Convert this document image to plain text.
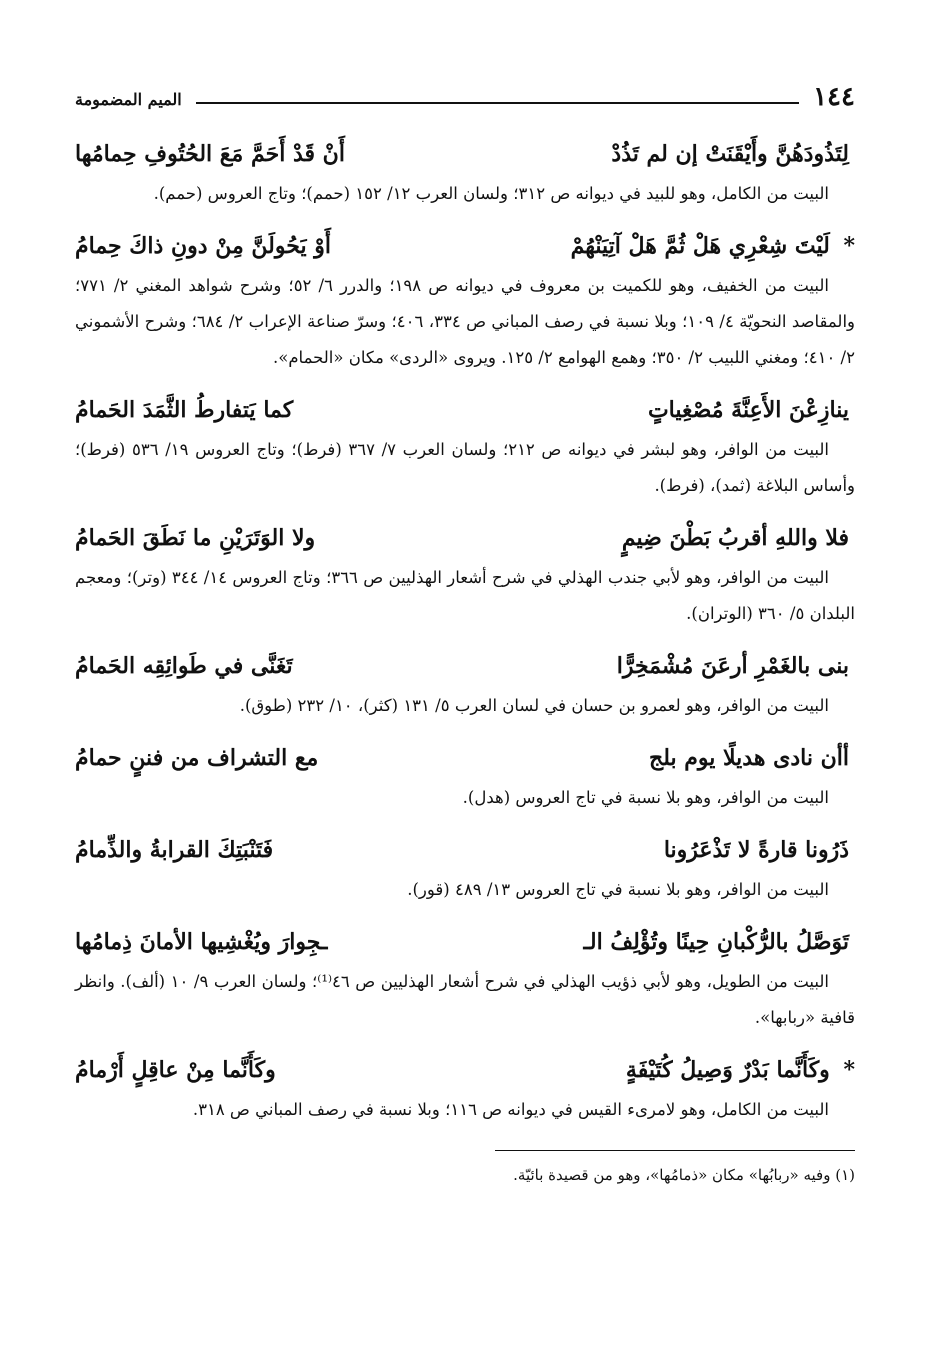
١٤٤
الميم المضمومة
لِتَذُودَهُنَّ وأَيْقَنَتْ إن لم تَذُدْ
أَنْ قَدْ أَحَمَّ مَعَ الحُتُوفِ حِمامُها

البيت من الكامل، وهو للبيد في ديوانه ص ٣١٢؛ ولسان العرب ١٢/ ١٥٢ (حمم)؛ وتاج العروس (حمم).

* لَيْتَ شِعْرِي هَلْ ثُمَّ هَلْ آتِيَنْهُمْ
أَوْ يَحُولَنَّ مِنْ دونِ ذاكَ حِمامُ

البيت من الخفيف، وهو للكميت بن معروف في ديوانه ص ١٩٨؛ والدرر ٦/ ٥٢؛ وشرح شواهد المغني ٢/ ٧٧١؛ والمقاصد النحويّة ٤/ ١٠٩؛ وبلا نسبة في رصف المباني ص ٣٣٤، ٤٠٦؛ وسرّ صناعة الإعراب ٢/ ٦٨٤؛ وشرح الأشموني ٢/ ٤١٠؛ ومغني اللبيب ٢/ ٣٥٠؛ وهمع الهوامع ٢/ ١٢٥. ويروى «الردى» مكان «الحمام».

ينازِعْنَ الأَعِنَّةَ مُصْغِياتٍ
كما يَتفارطُ الثَّمَدَ الحَمامُ

البيت من الوافر، وهو لبشر في ديوانه ص ٢١٢؛ ولسان العرب ٧/ ٣٦٧ (فرط)؛ وتاج العروس ١٩/ ٥٣٦ (فرط)؛ وأساس البلاغة (ثمد)، (فرط).

فلا واللهِ أقربُ بَطْنَ ضِيمٍ
ولا الوَتَرَيْنِ ما نَطَقَ الحَمامُ

البيت من الوافر، وهو لأبي جندب الهذلي في شرح أشعار الهذليين ص ٣٦٦؛ وتاج العروس ١٤/ ٣٤٤ (وتر)؛ ومعجم البلدان ٥/ ٣٦٠ (الوتران).

بنى بالغَمْرِ أرعَنَ مُشْمَخِرًّا
تَغَنَّى في طَوائِقِه الحَمامُ

البيت من الوافر، وهو لعمرو بن حسان في لسان العرب ٥/ ١٣١ (كثر)، ١٠/ ٢٣٢ (طوق).

أأن نادى هديلًا يوم بلج
مع التشراف من فننٍ حمامُ

البيت من الوافر، وهو بلا نسبة في تاج العروس (هدل).

ذَرُونا قارةً لا تَذْعَرُونا
فَتَنْبَتِكَ القرابةُ والذِّمامُ

البيت من الوافر، وهو بلا نسبة في تاج العروس ١٣/ ٤٨٩ (قور).

تَوَصَّلُ بالرُّكْبانِ حِينًا وتُؤْلِفُ الـ
ـجِوارَ ويُغْشِيها الأمانَ ذِمامُها

البيت من الطويل، وهو لأبي ذؤيب الهذلي في شرح أشعار الهذليين ص ٤٦⁽¹⁾؛ ولسان العرب ٩/ ١٠ (ألف). وانظر قافية «ربابها».

* وكَأَنَّما بَدْرٌ وَصِيلُ كُتَيْفَةٍ
وكَأَنَّما مِنْ عاقِلٍ أَرْمامُ

البيت من الكامل، وهو لامرىء القيس في ديوانه ص ١١٦؛ وبلا نسبة في رصف المباني ص ٣١٨.

(١) وفيه «ربابُها» مكان «ذمامُها»، وهو من قصيدة بائيّة.
